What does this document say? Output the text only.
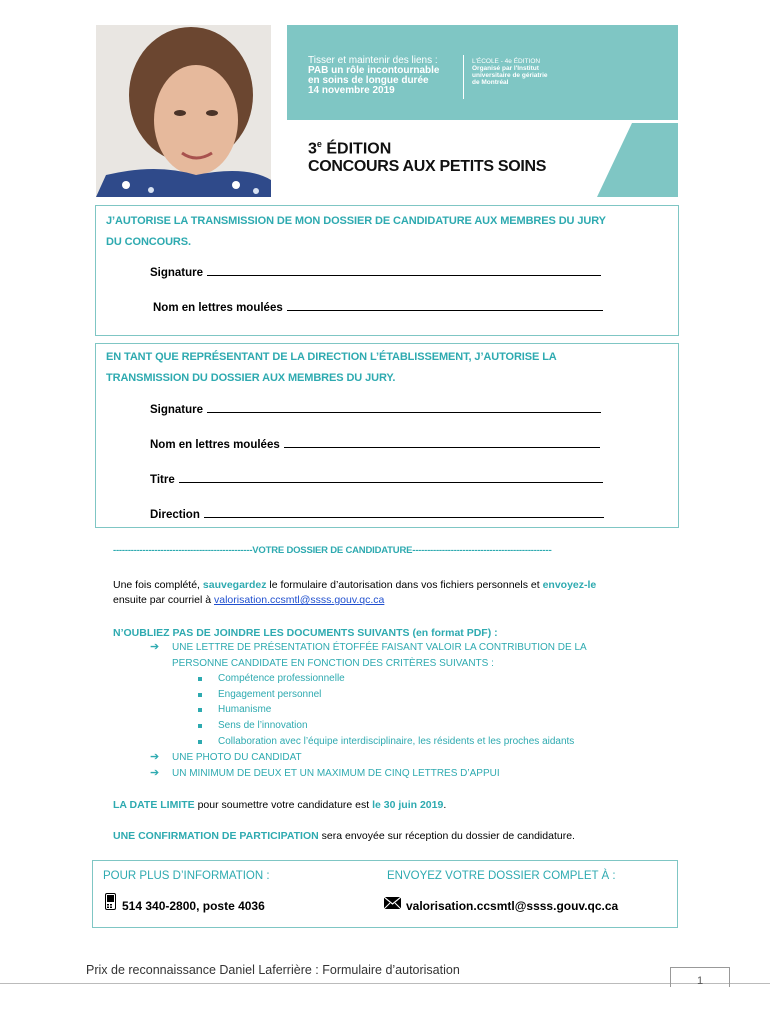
Tisser et maintenir des liens :
PAB un rôle incontournable
en soins de longue durée
14 novembre 2019
L'ÉCOLE - 4e ÉDITION
Organisé par l'Institut
universitaire de gériatrie
de Montréal
3e ÉDITION
CONCOURS AUX PETITS SOINS
J’AUTORISE LA TRANSMISSION DE MON DOSSIER DE CANDIDATURE AUX MEMBRES DU JURY
DU CONCOURS.
Signature
Nom en lettres moulées
EN TANT QUE REPRÉSENTANT DE LA DIRECTION L’ÉTABLISSEMENT, J’AUTORISE LA
TRANSMISSION DU DOSSIER AUX MEMBRES DU JURY.
Signature
Nom en lettres moulées
Titre
Direction
-----------------------------------------------VOTRE DOSSIER DE CANDIDATURE-----------------------------------------------
Une fois complété, sauvegardez le formulaire d’autorisation dans vos fichiers personnels et envoyez-le
ensuite par courriel à valorisation.ccsmtl@ssss.gouv.qc.ca
N’OUBLIEZ PAS DE JOINDRE LES DOCUMENTS SUIVANTS (en format PDF) :
➔ UNE LETTRE DE PRÉSENTATION ÉTOFFÉE FAISANT VALOIR LA CONTRIBUTION DE LA
PERSONNE CANDIDATE EN FONCTION DES CRITÈRES SUIVANTS :
Compétence professionnelle
Engagement personnel
Humanisme
Sens de l’innovation
Collaboration avec l’équipe interdisciplinaire, les résidents et les proches aidants
➔ UNE PHOTO DU CANDIDAT
➔ UN MINIMUM DE DEUX ET UN MAXIMUM DE CINQ LETTRES D’APPUI
LA DATE LIMITE pour soumettre votre candidature est le 30 juin 2019.
UNE CONFIRMATION DE PARTICIPATION sera envoyée sur réception du dossier de candidature.
POUR PLUS D’INFORMATION :	ENVOYEZ VOTRE DOSSIER COMPLET À :
514 340-2800, poste 4036	valorisation.ccsmtl@ssss.gouv.qc.ca
Prix de reconnaissance Daniel Laferrière : Formulaire d’autorisation
1
